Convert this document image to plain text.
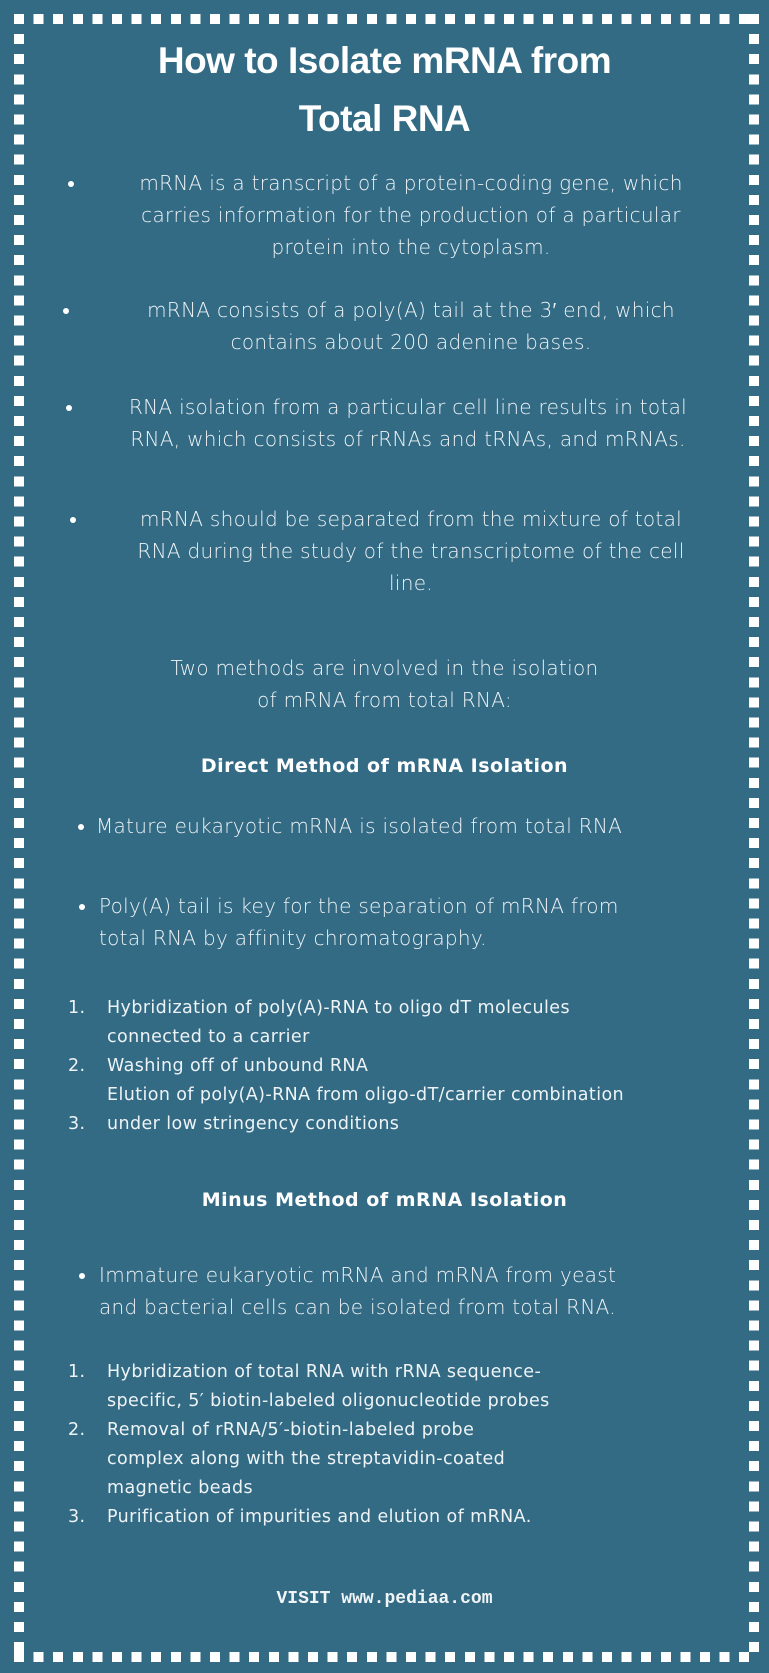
How to Isolate mRNA from
Total RNA
mRNA is a transcript of a protein-coding gene, which
carries information for the production of a particular
protein into the cytoplasm.
mRNA consists of a poly(A) tail at the 3′ end, which
contains about 200 adenine bases.
RNA isolation from a particular cell line results in total
RNA, which consists of rRNAs and tRNAs, and mRNAs.
mRNA should be separated from the mixture of total
RNA during the study of the transcriptome of the cell
line.
Two methods are involved in the isolation
of mRNA from total RNA:
Direct Method of mRNA Isolation
Mature eukaryotic mRNA is isolated from total RNA
Poly(A) tail is key for the separation of mRNA from
total RNA by affinity chromatography.
1. Hybridization of poly(A)-RNA to oligo dT molecules
connected to a carrier
2. Washing off of unbound RNA
Elution of poly(A)-RNA from oligo-dT/carrier combination
3. under low stringency conditions
Minus Method of mRNA Isolation
Immature eukaryotic mRNA and mRNA from yeast
and bacterial cells can be isolated from total RNA.
1. Hybridization of total RNA with rRNA sequence-
specific, 5′ biotin-labeled oligonucleotide probes
2. Removal of rRNA/5′-biotin-labeled probe
complex along with the streptavidin-coated
magnetic beads
3. Purification of impurities and elution of mRNA.
VISIT www.pediaa.com
